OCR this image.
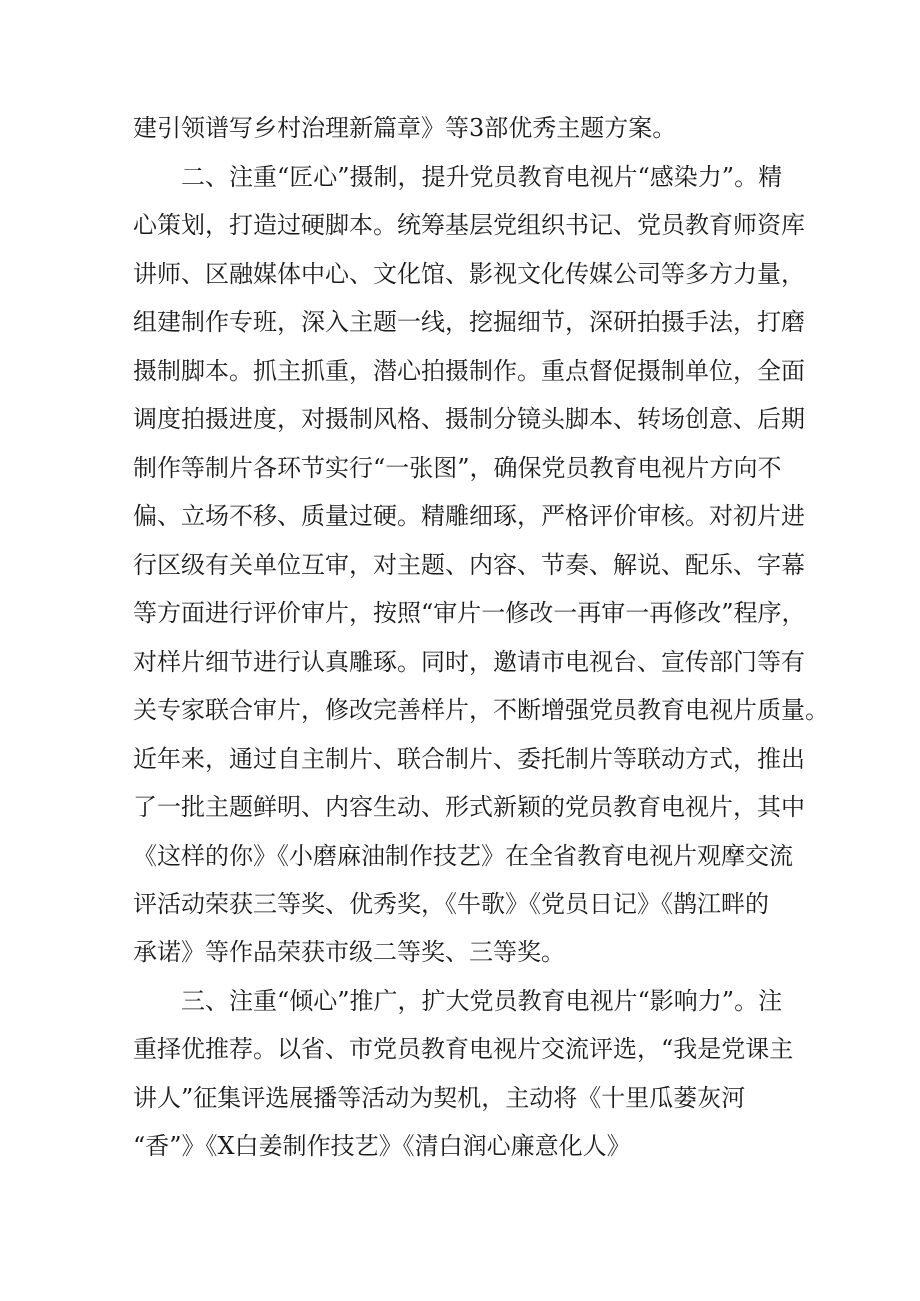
建引领谱写乡村治理新篇章》等3部优秀主题方案。
二、注重“匠心”摄制，提升党员教育电视片“感染力”。精
心策划，打造过硬脚本。统筹基层党组织书记、党员教育师资库
讲师、区融媒体中心、文化馆、影视文化传媒公司等多方力量，
组建制作专班，深入主题一线，挖掘细节，深研拍摄手法，打磨
摄制脚本。抓主抓重，潜心拍摄制作。重点督促摄制单位，全面
调度拍摄进度，对摄制风格、摄制分镜头脚本、转场创意、后期
制作等制片各环节实行“一张图”，确保党员教育电视片方向不
偏、立场不移、质量过硬。精雕细琢，严格评价审核。对初片进
行区级有关单位互审，对主题、内容、节奏、解说、配乐、字幕
等方面进行评价审片，按照“审片一修改一再审一再修改”程序，
对样片细节进行认真雕琢。同时，邀请市电视台、宣传部门等有
关专家联合审片，修改完善样片，不断增强党员教育电视片质量。
近年来，通过自主制片、联合制片、委托制片等联动方式，推出
了一批主题鲜明、内容生动、形式新颖的党员教育电视片，其中
《这样的你》《小磨麻油制作技艺》在全省教育电视片观摩交流
评活动荣获三等奖、优秀奖，《牛歌》《党员日记》《鹊江畔的
承诺》等作品荣获市级二等奖、三等奖。
三、注重“倾心”推广，扩大党员教育电视片“影响力”。注
重择优推荐。以省、市党员教育电视片交流评选，“我是党课主
讲人”征集评选展播等活动为契机，主动将《十里瓜蒌灰河
“香”》《X白姜制作技艺》《清白润心廉意化人》
